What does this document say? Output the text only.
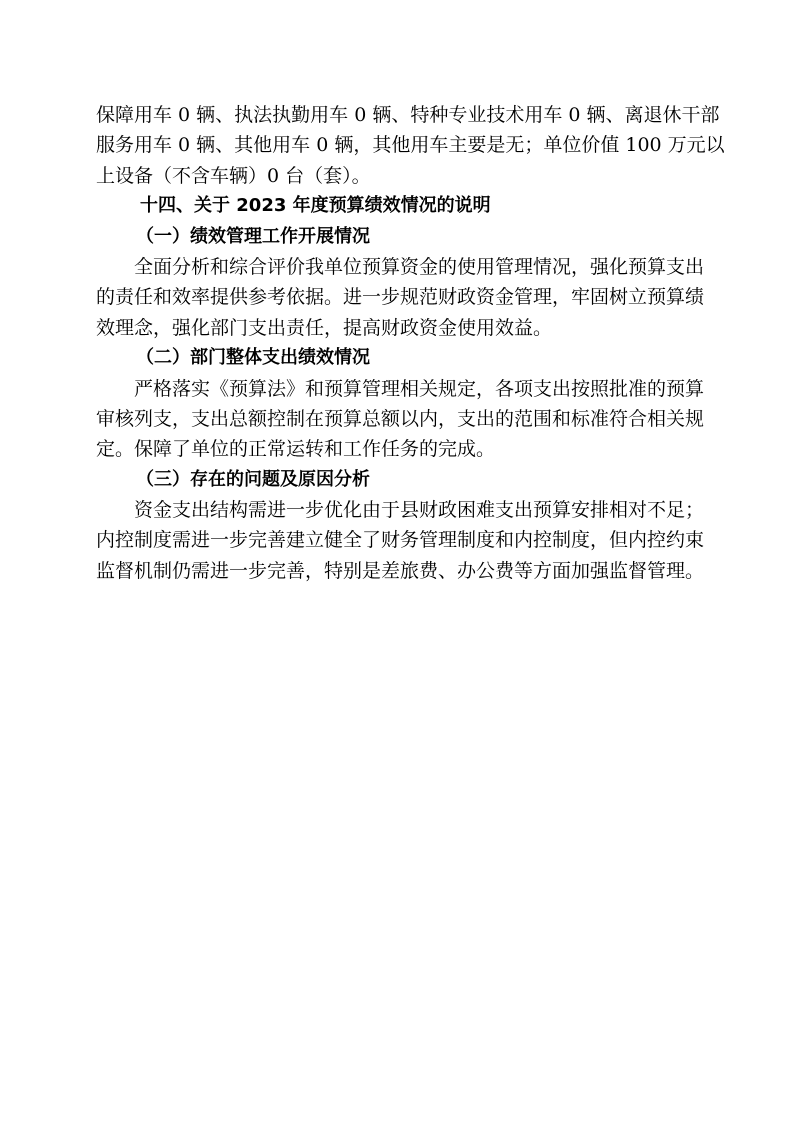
保障用车 0 辆、执法执勤用车 0 辆、特种专业技术用车 0 辆、离退休干部
服务用车 0 辆、其他用车 0 辆，其他用车主要是无；单位价值 100 万元以
上设备（不含车辆）0 台（套）。
十四、关于 2023 年度预算绩效情况的说明
（一）绩效管理工作开展情况
全面分析和综合评价我单位预算资金的使用管理情况，强化预算支出
的责任和效率提供参考依据。进一步规范财政资金管理，牢固树立预算绩
效理念，强化部门支出责任，提高财政资金使用效益。
（二）部门整体支出绩效情况
严格落实《预算法》和预算管理相关规定，各项支出按照批准的预算
审核列支，支出总额控制在预算总额以内，支出的范围和标准符合相关规
定。保障了单位的正常运转和工作任务的完成。
（三）存在的问题及原因分析
资金支出结构需进一步优化由于县财政困难支出预算安排相对不足；
内控制度需进一步完善建立健全了财务管理制度和内控制度，但内控约束
监督机制仍需进一步完善，特别是差旅费、办公费等方面加强监督管理。
